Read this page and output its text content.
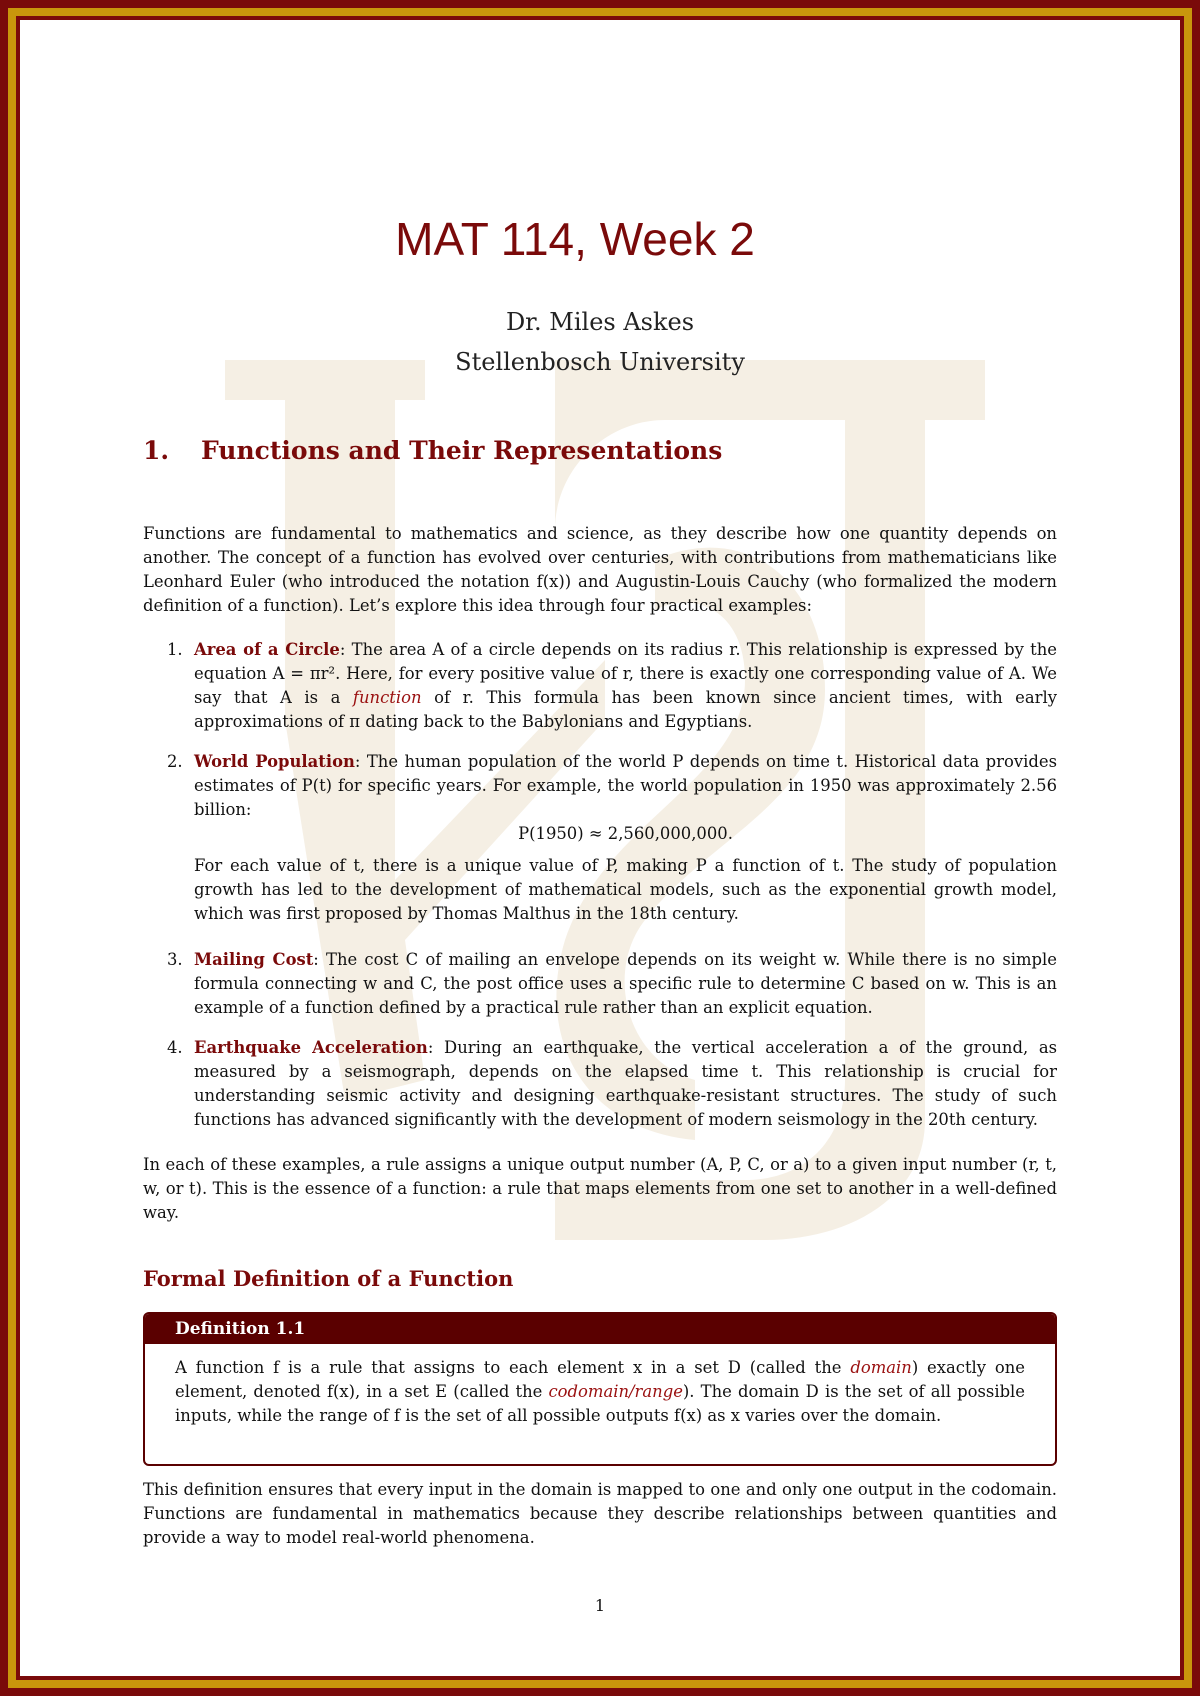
MAT 114, Week 2
Dr. Miles Askes
Stellenbosch University
1. Functions and Their Representations
Functions are fundamental to mathematics and science, as they describe how one quantity depends on another. The concept of a function has evolved over centuries, with contributions from mathematicians like Leonhard Euler (who introduced the notation f(x)) and Augustin-Louis Cauchy (who formalized the modern definition of a function). Let’s explore this idea through four practical examples:
1. Area of a Circle: The area A of a circle depends on its radius r. This relationship is expressed by the equation A = πr². Here, for every positive value of r, there is exactly one corresponding value of A. We say that A is a function of r. This formula has been known since ancient times, with early approximations of π dating back to the Babylonians and Egyptians.
2. World Population: The human population of the world P depends on time t. Historical data provides estimates of P(t) for specific years. For example, the world population in 1950 was approximately 2.56 billion:
P(1950) ≈ 2,560,000,000.
For each value of t, there is a unique value of P, making P a function of t. The study of population growth has led to the development of mathematical models, such as the exponential growth model, which was first proposed by Thomas Malthus in the 18th century.
3. Mailing Cost: The cost C of mailing an envelope depends on its weight w. While there is no simple formula connecting w and C, the post office uses a specific rule to determine C based on w. This is an example of a function defined by a practical rule rather than an explicit equation.
4. Earthquake Acceleration: During an earthquake, the vertical acceleration a of the ground, as measured by a seismograph, depends on the elapsed time t. This relationship is crucial for understanding seismic activity and designing earthquake-resistant structures. The study of such functions has advanced significantly with the development of modern seismology in the 20th century.
In each of these examples, a rule assigns a unique output number (A, P, C, or a) to a given input number (r, t, w, or t). This is the essence of a function: a rule that maps elements from one set to another in a well-defined way.
Formal Definition of a Function
Definition 1.1
A function f is a rule that assigns to each element x in a set D (called the domain) exactly one element, denoted f(x), in a set E (called the codomain/range). The domain D is the set of all possible inputs, while the range of f is the set of all possible outputs f(x) as x varies over the domain.
This definition ensures that every input in the domain is mapped to one and only one output in the codomain. Functions are fundamental in mathematics because they describe relationships between quantities and provide a way to model real-world phenomena.
1
